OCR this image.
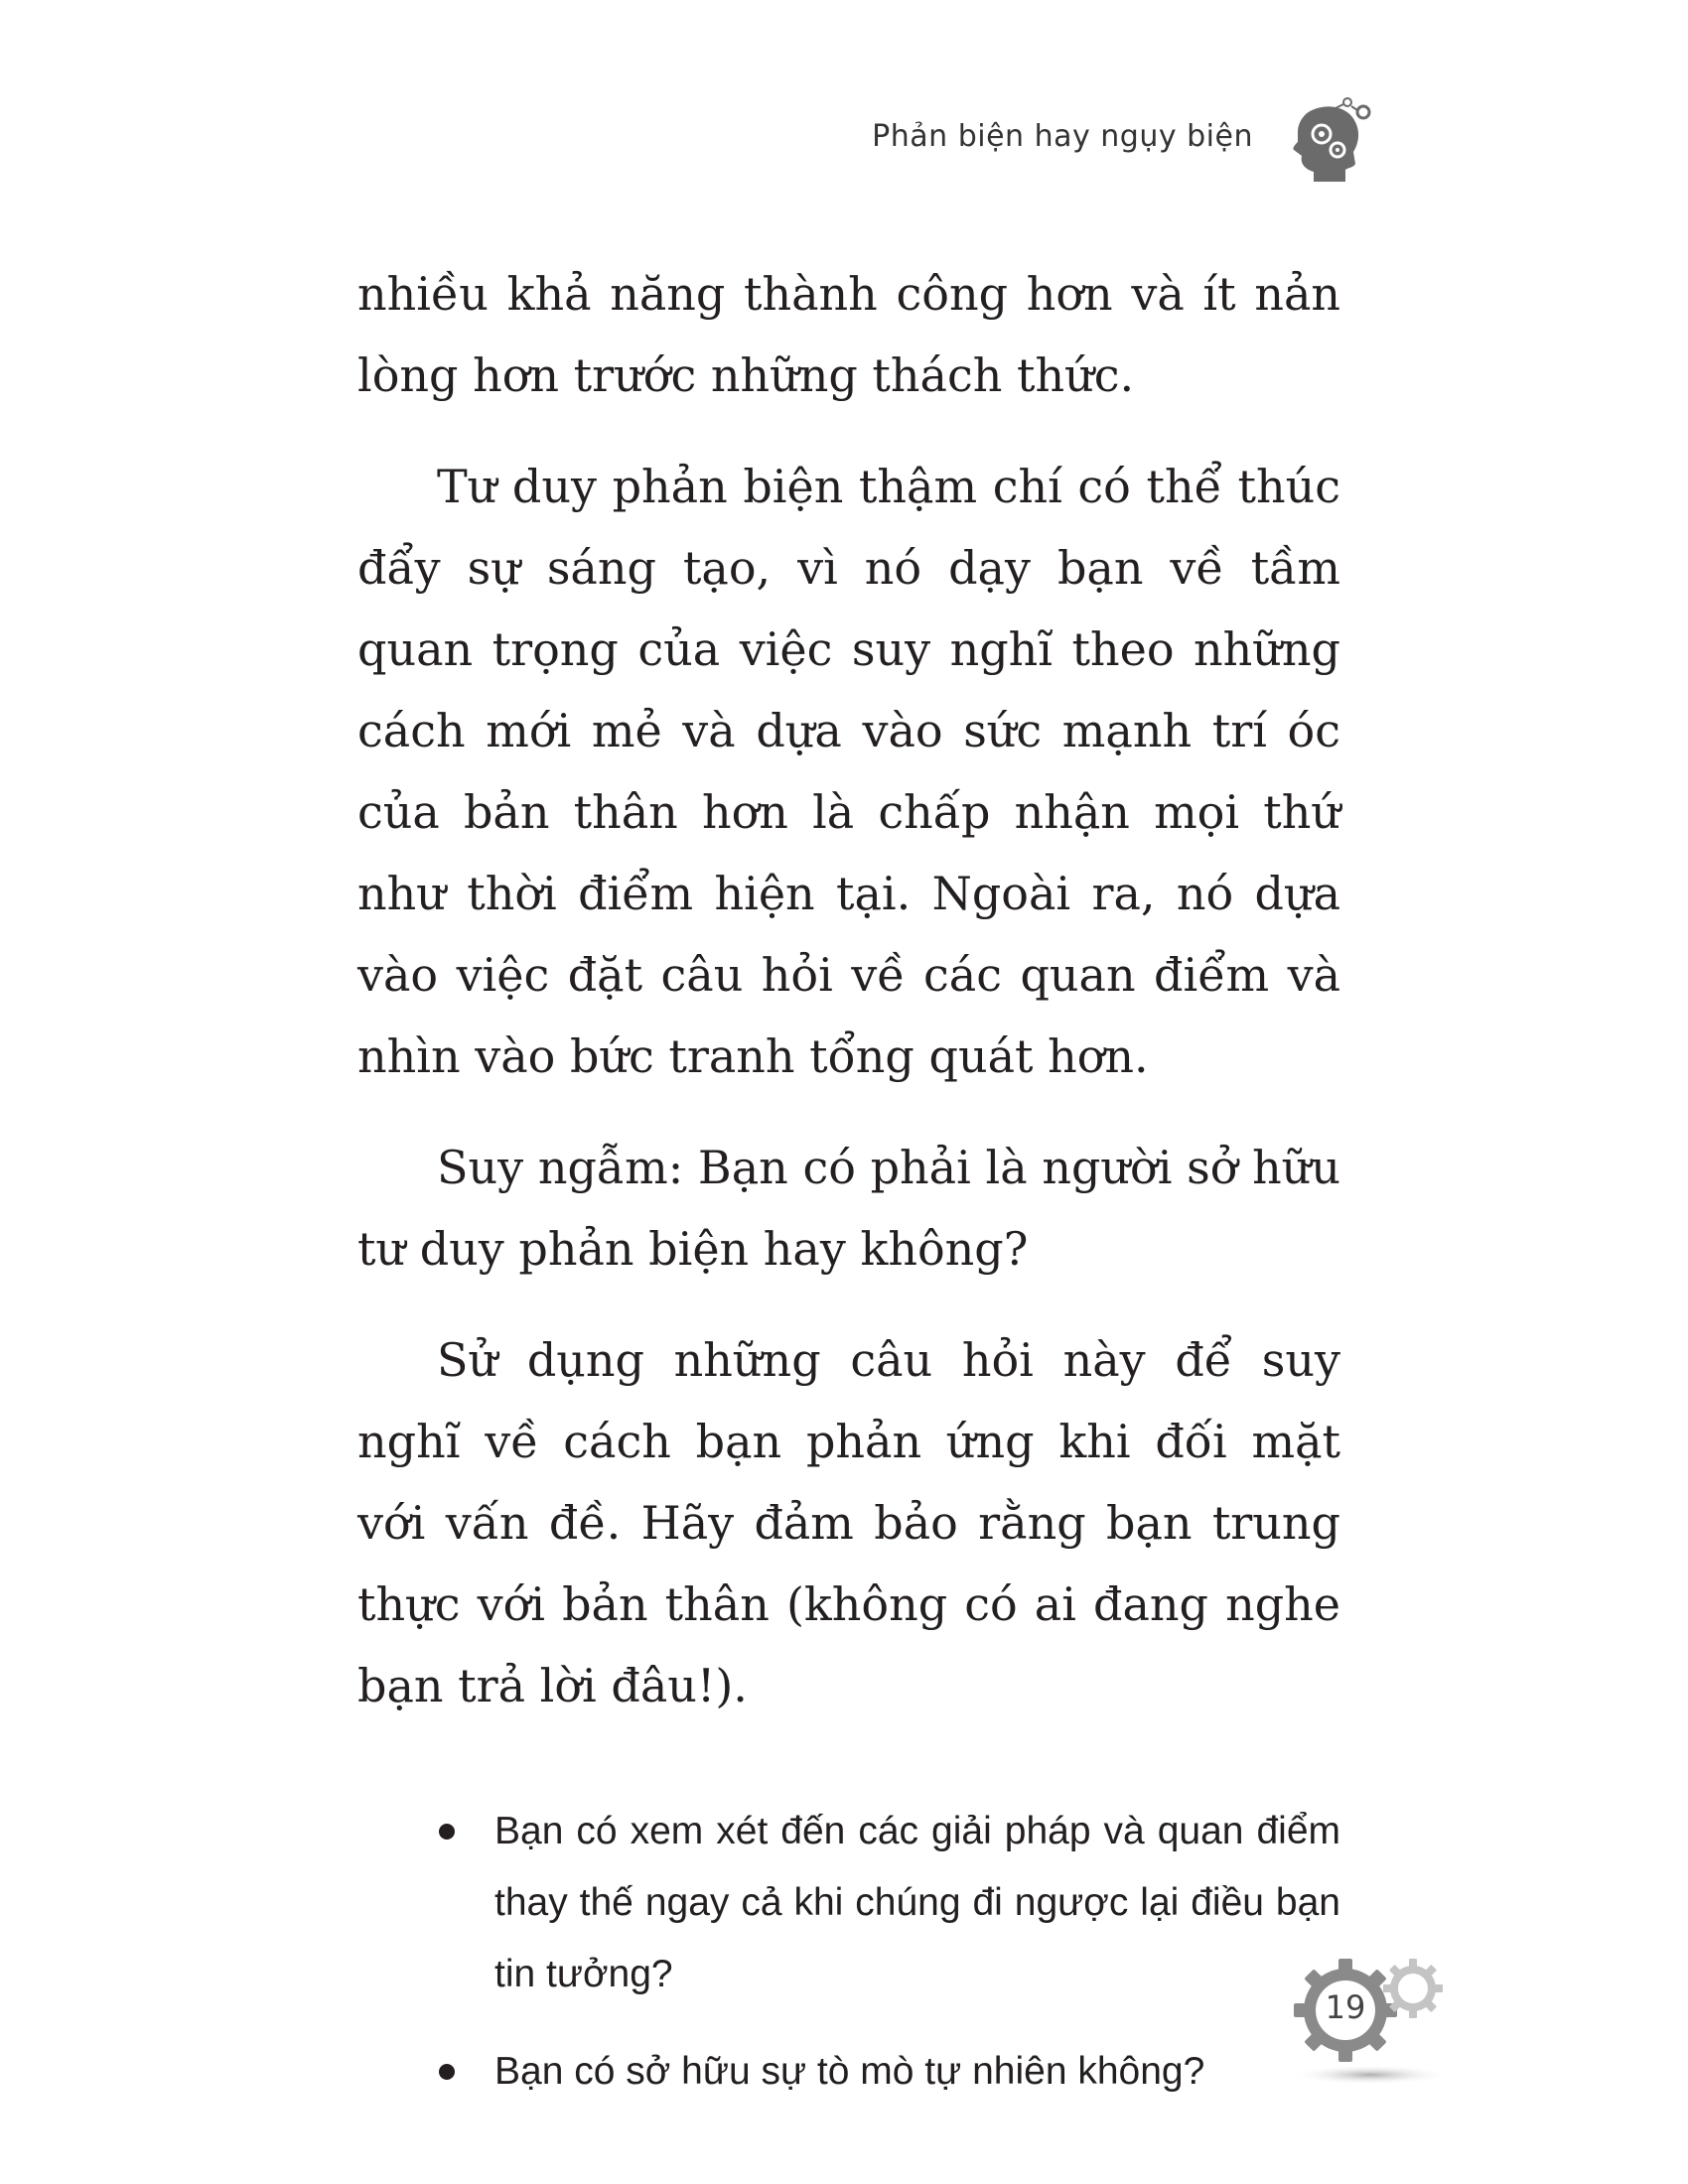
Phản biện hay ngụy biện

nhiều khả năng thành công hơn và ít nản lòng hơn trước những thách thức.

Tư duy phản biện thậm chí có thể thúc đẩy sự sáng tạo, vì nó dạy bạn về tầm quan trọng của việc suy nghĩ theo những cách mới mẻ và dựa vào sức mạnh trí óc của bản thân hơn là chấp nhận mọi thứ như thời điểm hiện tại. Ngoài ra, nó dựa vào việc đặt câu hỏi về các quan điểm và nhìn vào bức tranh tổng quát hơn.

Suy ngẫm: Bạn có phải là người sở hữu tư duy phản biện hay không?

Sử dụng những câu hỏi này để suy nghĩ về cách bạn phản ứng khi đối mặt với vấn đề. Hãy đảm bảo rằng bạn trung thực với bản thân (không có ai đang nghe bạn trả lời đâu!).

Bạn có xem xét đến các giải pháp và quan điểm thay thế ngay cả khi chúng đi ngược lại điều bạn tin tưởng?
Bạn có sở hữu sự tò mò tự nhiên không?
19
